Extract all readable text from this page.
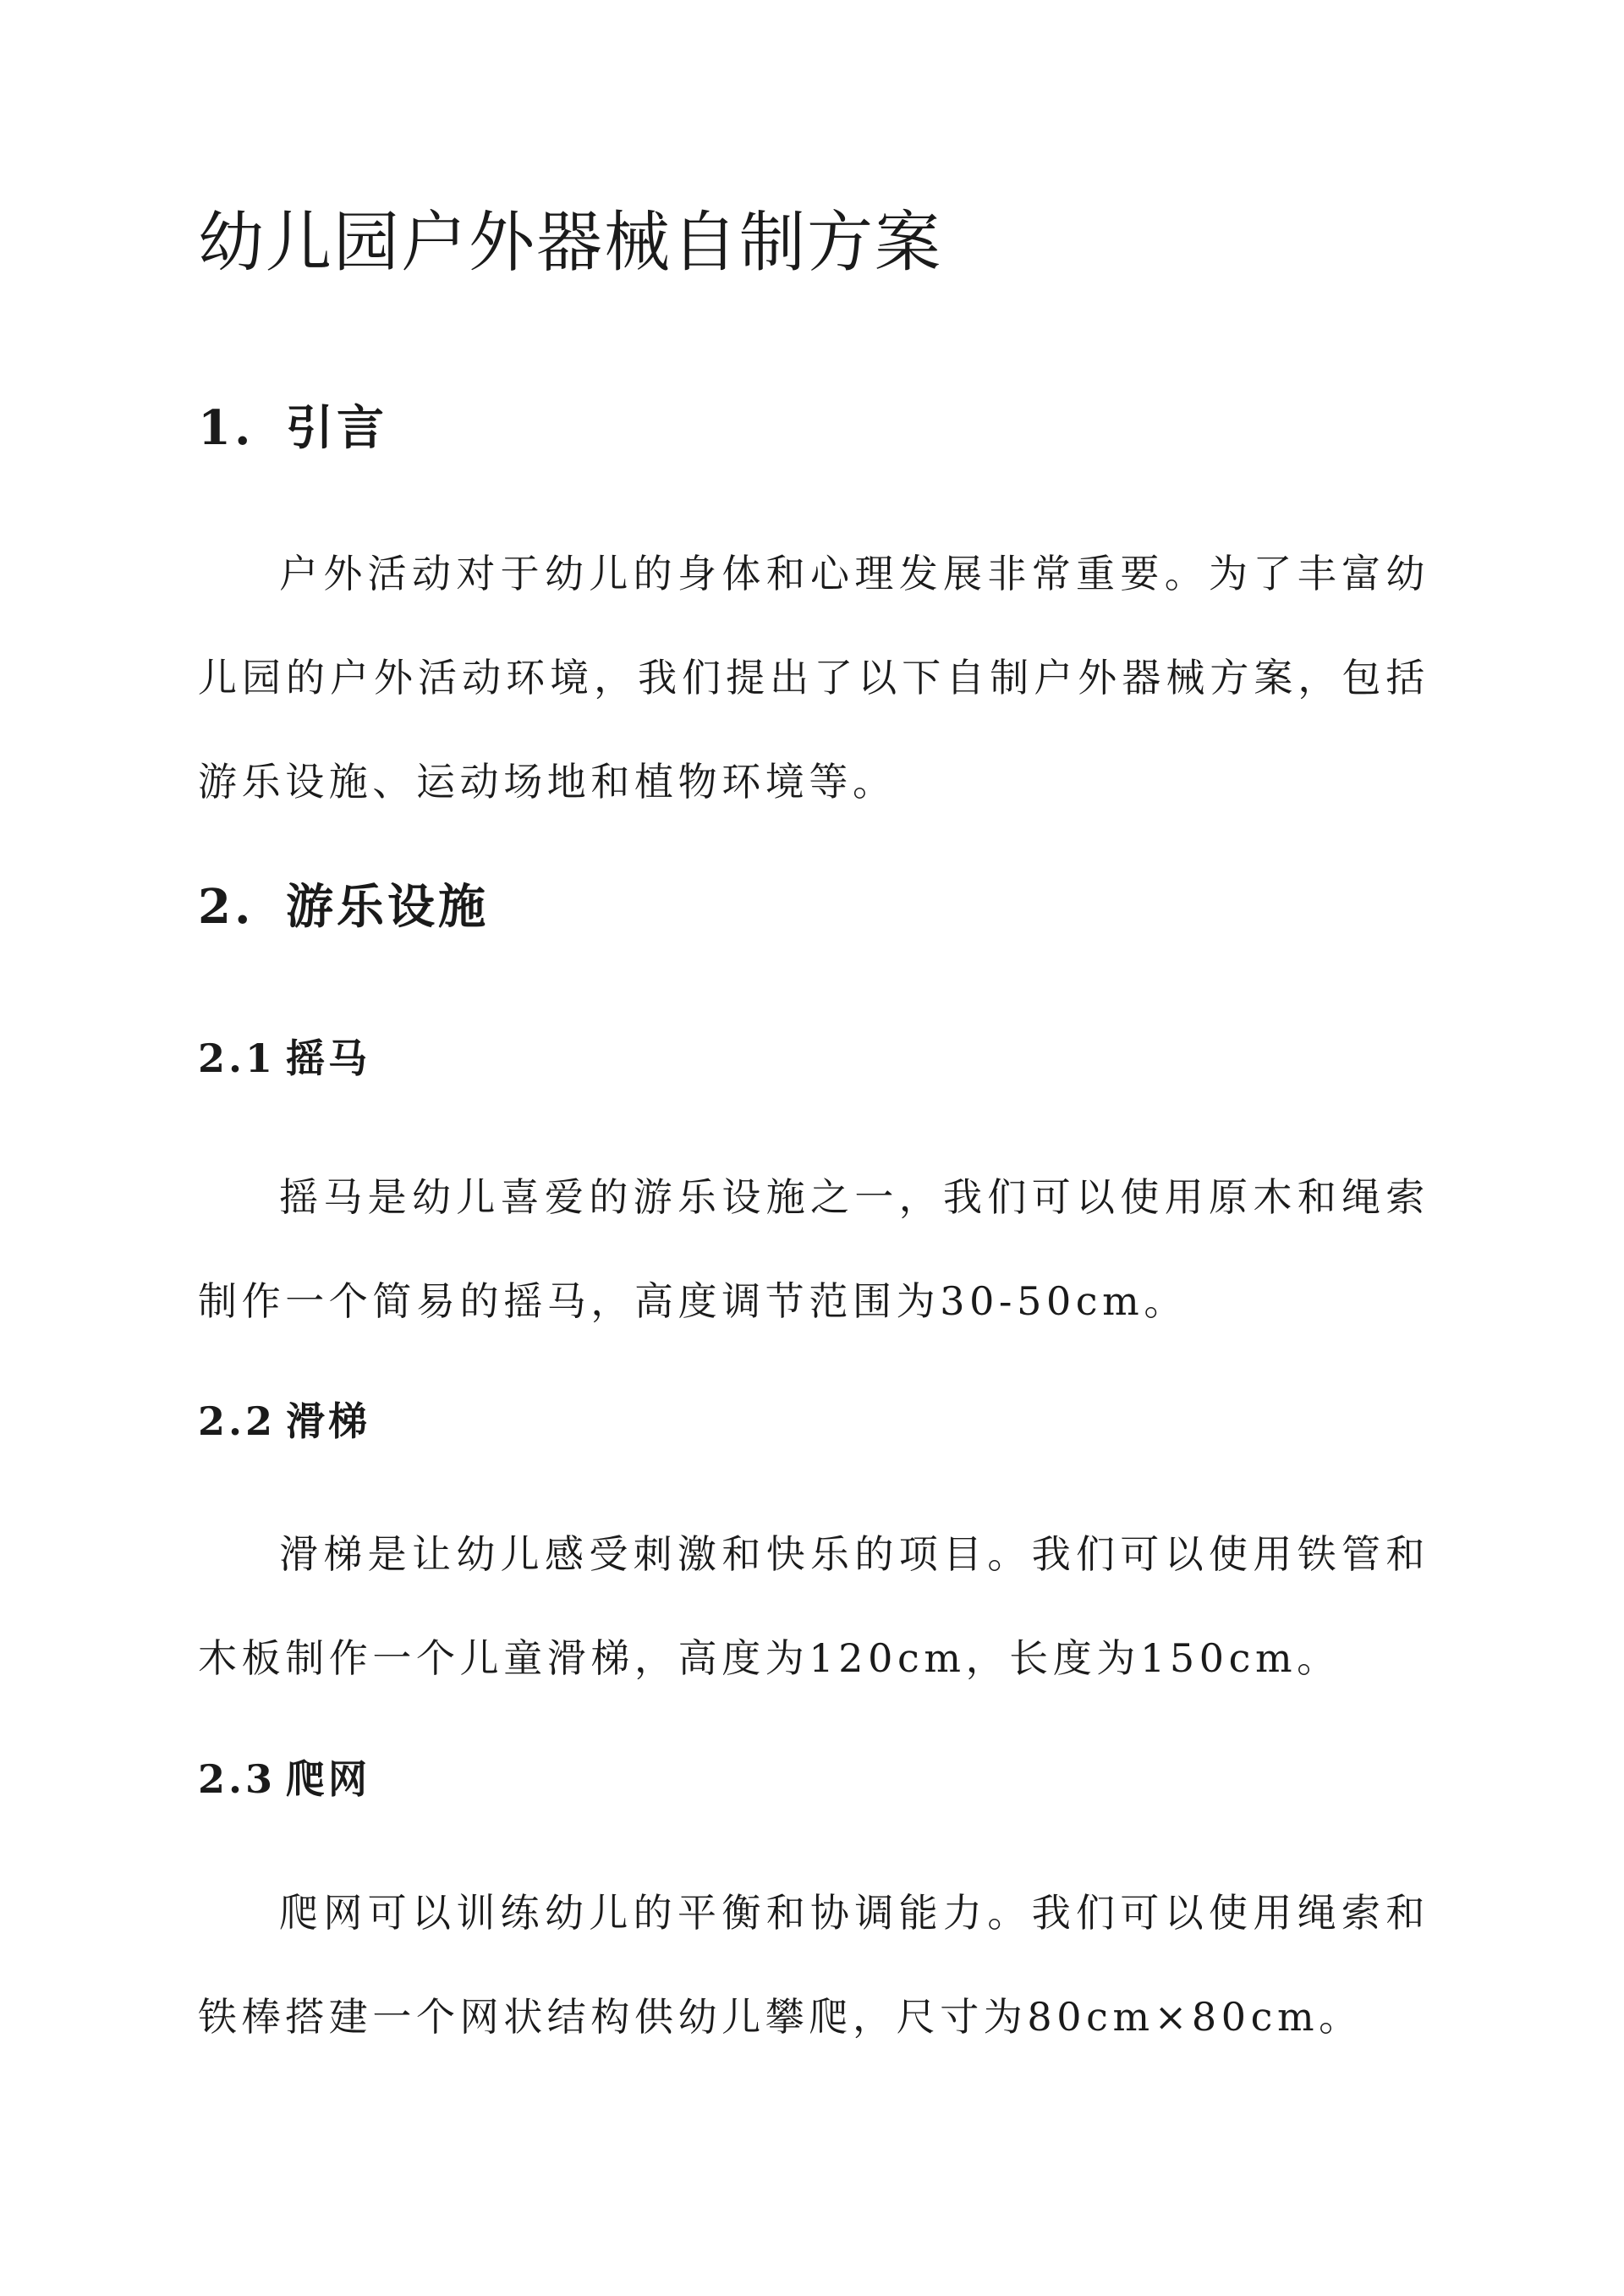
幼儿园户外器械自制方案
1. 引言

户外活动对于幼儿的身体和心理发展非常重要。为了丰富幼儿园的户外活动环境，我们提出了以下自制户外器械方案，包括游乐设施、运动场地和植物环境等。

2. 游乐设施
2.1 摇马

摇马是幼儿喜爱的游乐设施之一，我们可以使用原木和绳索制作一个简易的摇马，高度调节范围为30-50cm。

2.2 滑梯

滑梯是让幼儿感受刺激和快乐的项目。我们可以使用铁管和木板制作一个儿童滑梯，高度为120cm，长度为150cm。

2.3 爬网

爬网可以训练幼儿的平衡和协调能力。我们可以使用绳索和铁棒搭建一个网状结构供幼儿攀爬，尺寸为80cm×80cm。
